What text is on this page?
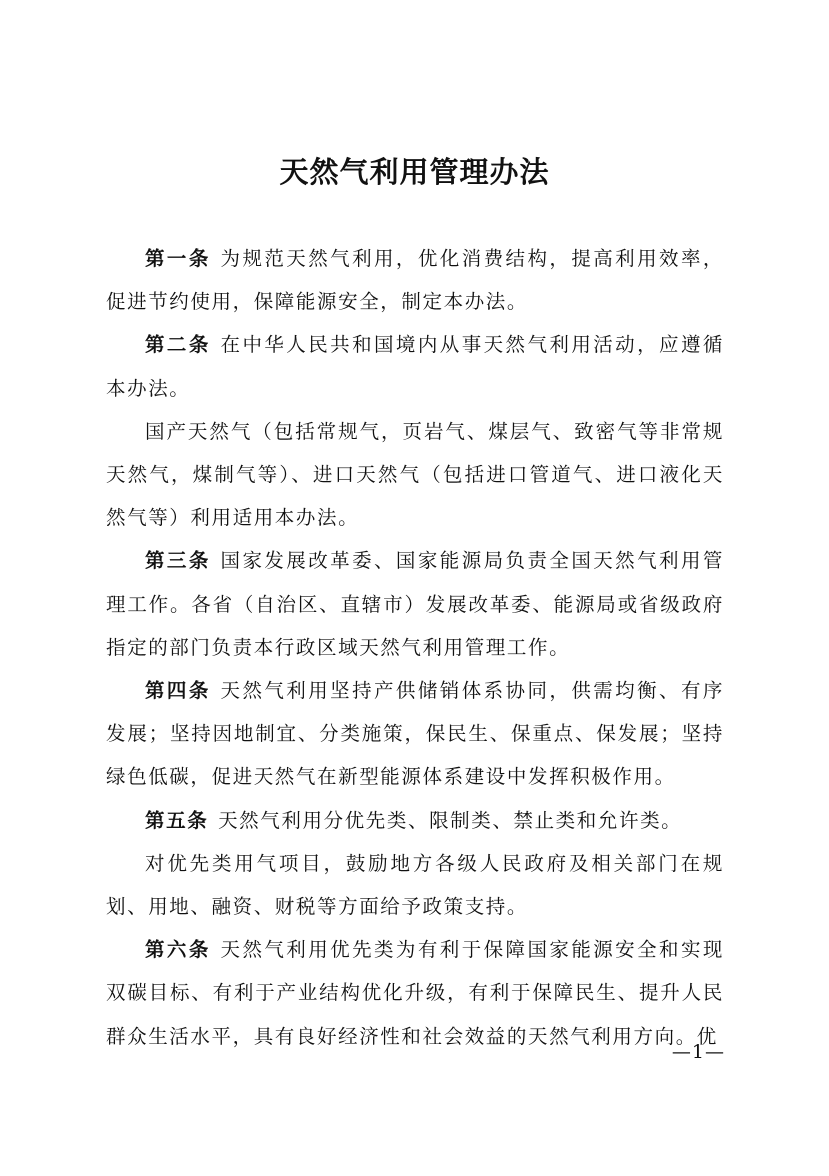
天然气利用管理办法

第一条 为规范天然气利用，优化消费结构，提高利用效率，促进节约使用，保障能源安全，制定本办法。

第二条 在中华人民共和国境内从事天然气利用活动，应遵循本办法。

国产天然气（包括常规气，页岩气、煤层气、致密气等非常规天然气，煤制气等）、进口天然气（包括进口管道气、进口液化天然气等）利用适用本办法。

第三条 国家发展改革委、国家能源局负责全国天然气利用管理工作。各省（自治区、直辖市）发展改革委、能源局或省级政府指定的部门负责本行政区域天然气利用管理工作。

第四条 天然气利用坚持产供储销体系协同，供需均衡、有序发展；坚持因地制宜、分类施策，保民生、保重点、保发展；坚持绿色低碳，促进天然气在新型能源体系建设中发挥积极作用。

第五条 天然气利用分优先类、限制类、禁止类和允许类。

对优先类用气项目，鼓励地方各级人民政府及相关部门在规划、用地、融资、财税等方面给予政策支持。

第六条 天然气利用优先类为有利于保障国家能源安全和实现双碳目标、有利于产业结构优化升级，有利于保障民生、提升人民群众生活水平，具有良好经济性和社会效益的天然气利用方向。优

—1—
